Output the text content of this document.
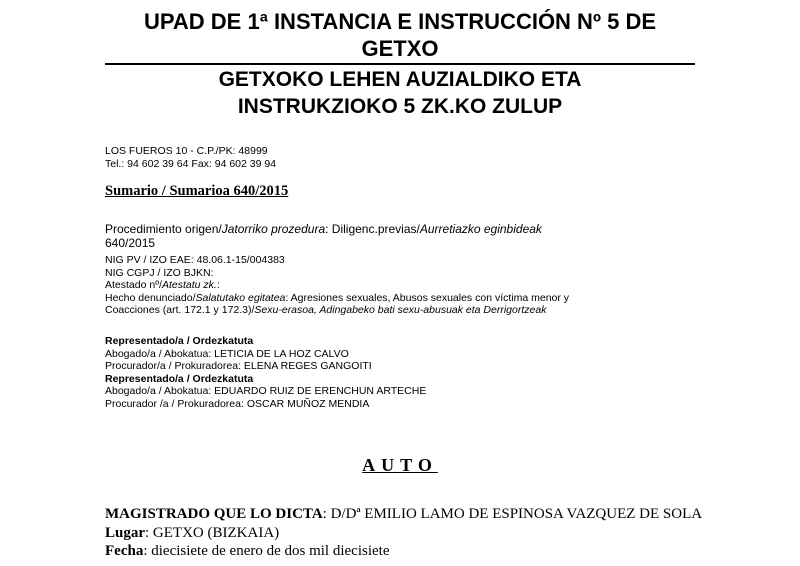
UPAD DE 1ª INSTANCIA E INSTRUCCIÓN Nº 5 DE
GETXO
GETXOKO LEHEN AUZIALDIKO ETA
INSTRUKZIOKO 5 ZK.KO ZULUP
LOS FUEROS 10 - C.P./PK: 48999
Tel.: 94 602 39 64 Fax: 94 602 39 94
Sumario / Sumarioa 640/2015
Procedimiento origen/Jatorriko prozedura: Diligenc.previas/Aurretiazko eginbideak
640/2015
NIG PV / IZO EAE: 48.06.1-15/004383
NIG CGPJ / IZO BJKN:
Atestado nº/Atestatu zk.:
Hecho denunciado/Salatutako egitatea: Agresiones sexuales, Abusos sexuales con víctima menor y
Coacciones (art. 172.1 y 172.3)/Sexu-erasoa, Adingabeko bati sexu-abusuak eta Derrigortzeak
Representado/a / Ordezkatuta
Abogado/a / Abokatua: LETICIA DE LA HOZ CALVO
Procurador/a / Prokuradorea: ELENA REGES GANGOITI
Representado/a / Ordezkatuta
Abogado/a / Abokatua: EDUARDO RUIZ DE ERENCHUN ARTECHE
Procurador /a / Prokuradorea: OSCAR MUÑOZ MENDIA
AUTO
MAGISTRADO QUE LO DICTA: D/Dª EMILIO LAMO DE ESPINOSA VAZQUEZ DE SOLA
Lugar: GETXO (BIZKAIA)
Fecha: diecisiete de enero de dos mil diecisiete
